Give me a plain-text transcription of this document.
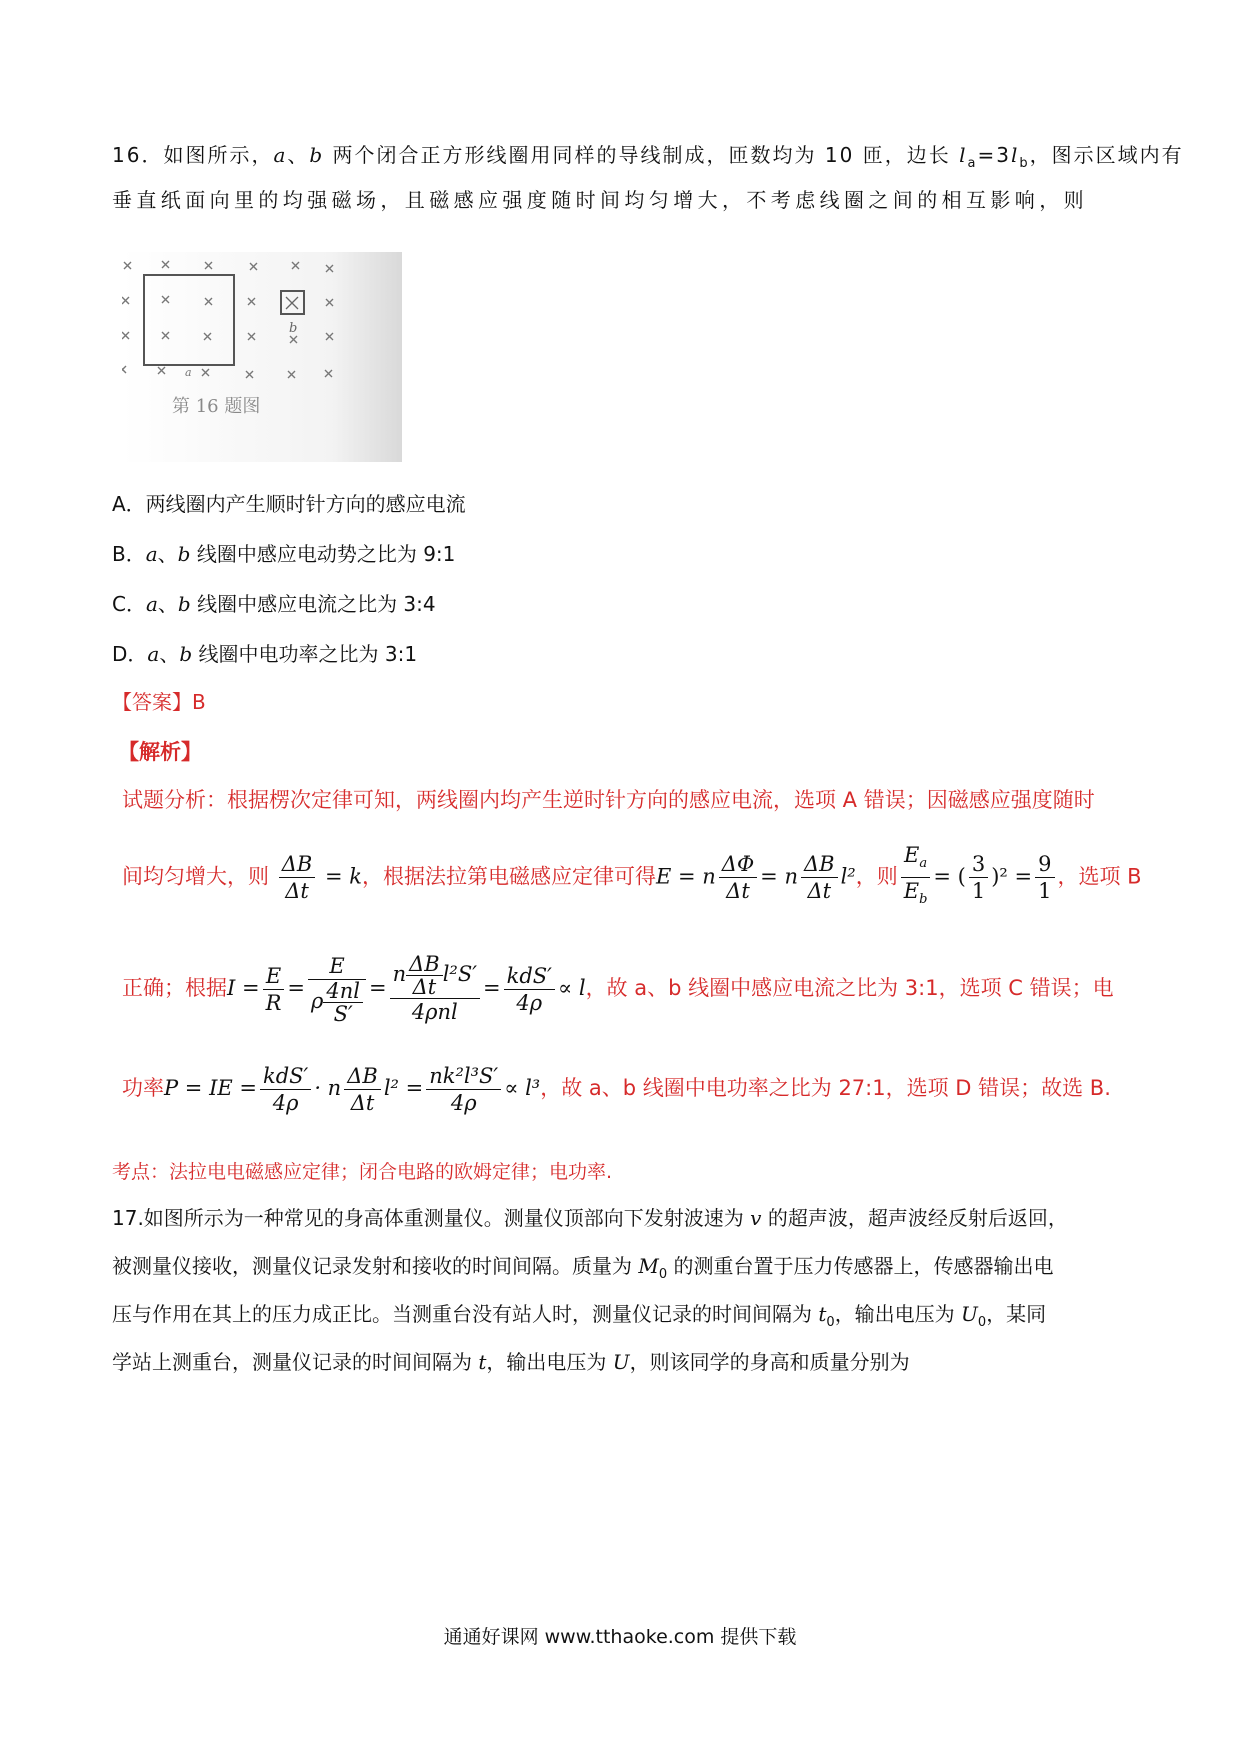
16．如图所示，a、b 两个闭合正方形线圈用同样的导线制成，匝数均为 10 匝，边长 $l_a=3l_b$，图示区域内有
垂直纸面向里的均强磁场，且磁感应强度随时间均匀增大，不考虑线圈之间的相互影响，则
a
b
第 16 题图
A．两线圈内产生顺时针方向的感应电流
B．a、b 线圈中感应电动势之比为 9:1
C．a、b 线圈中感应电流之比为 3:4
D．a、b 线圈中电功率之比为 3:1
【答案】B
【解析】
试题分析：根据楞次定律可知，两线圈内均产生逆时针方向的感应电流，选项 A 错误；因磁感应强度随时
间均匀增大，则 $\frac{\Delta B}{\Delta t} = k$，根据法拉第电磁感应定律可得E = n $\frac{\Delta\Phi}{\Delta t} = n \frac{\Delta B}{\Delta t} l^2$，则 $\frac{E_a}{E_b}$ = ( $\frac{3}{1} )^2 = \frac{9}{1}$ ，选项 B
正确；根据$I = \frac{E}{R} = \frac{E}{\rho \frac{4nl}{S'}} = \frac{n \frac{\Delta B}{\Delta t} l^2S'}{\text{4ρnl}} = \frac{\text{kdS′}}{4\rho} \propto l$，故 a、b 线圈中感应电流之比为 3:1，选项 C 错误；电
功率P = IE = $\frac{\text{kdS′}}{4\rho} \cdot n \frac{\Delta B}{\Delta t} l^2 = \frac{\text{nk²l³S′}}{4\rho} \propto l^3$，故 a、b 线圈中电功率之比为 27:1，选项 D 错误；故选 B.
考点：法拉电电磁感应定律；闭合电路的欧姆定律；电功率.
17.如图所示为一种常见的身高体重测量仪。测量仪顶部向下发射波速为 v 的超声波，超声波经反射后返回，
被测量仪接收，测量仪记录发射和接收的时间间隔。质量为 $M_0$ 的测重台置于压力传感器上，传感器输出电
压与作用在其上的压力成正比。当测重台没有站人时，测量仪记录的时间间隔为 $t_0$，输出电压为 $U_0$，某同
学站上测重台，测量仪记录的时间间隔为 t，输出电压为 U，则该同学的身高和质量分别为
通通好课网 www.tthaoke.com 提供下载
